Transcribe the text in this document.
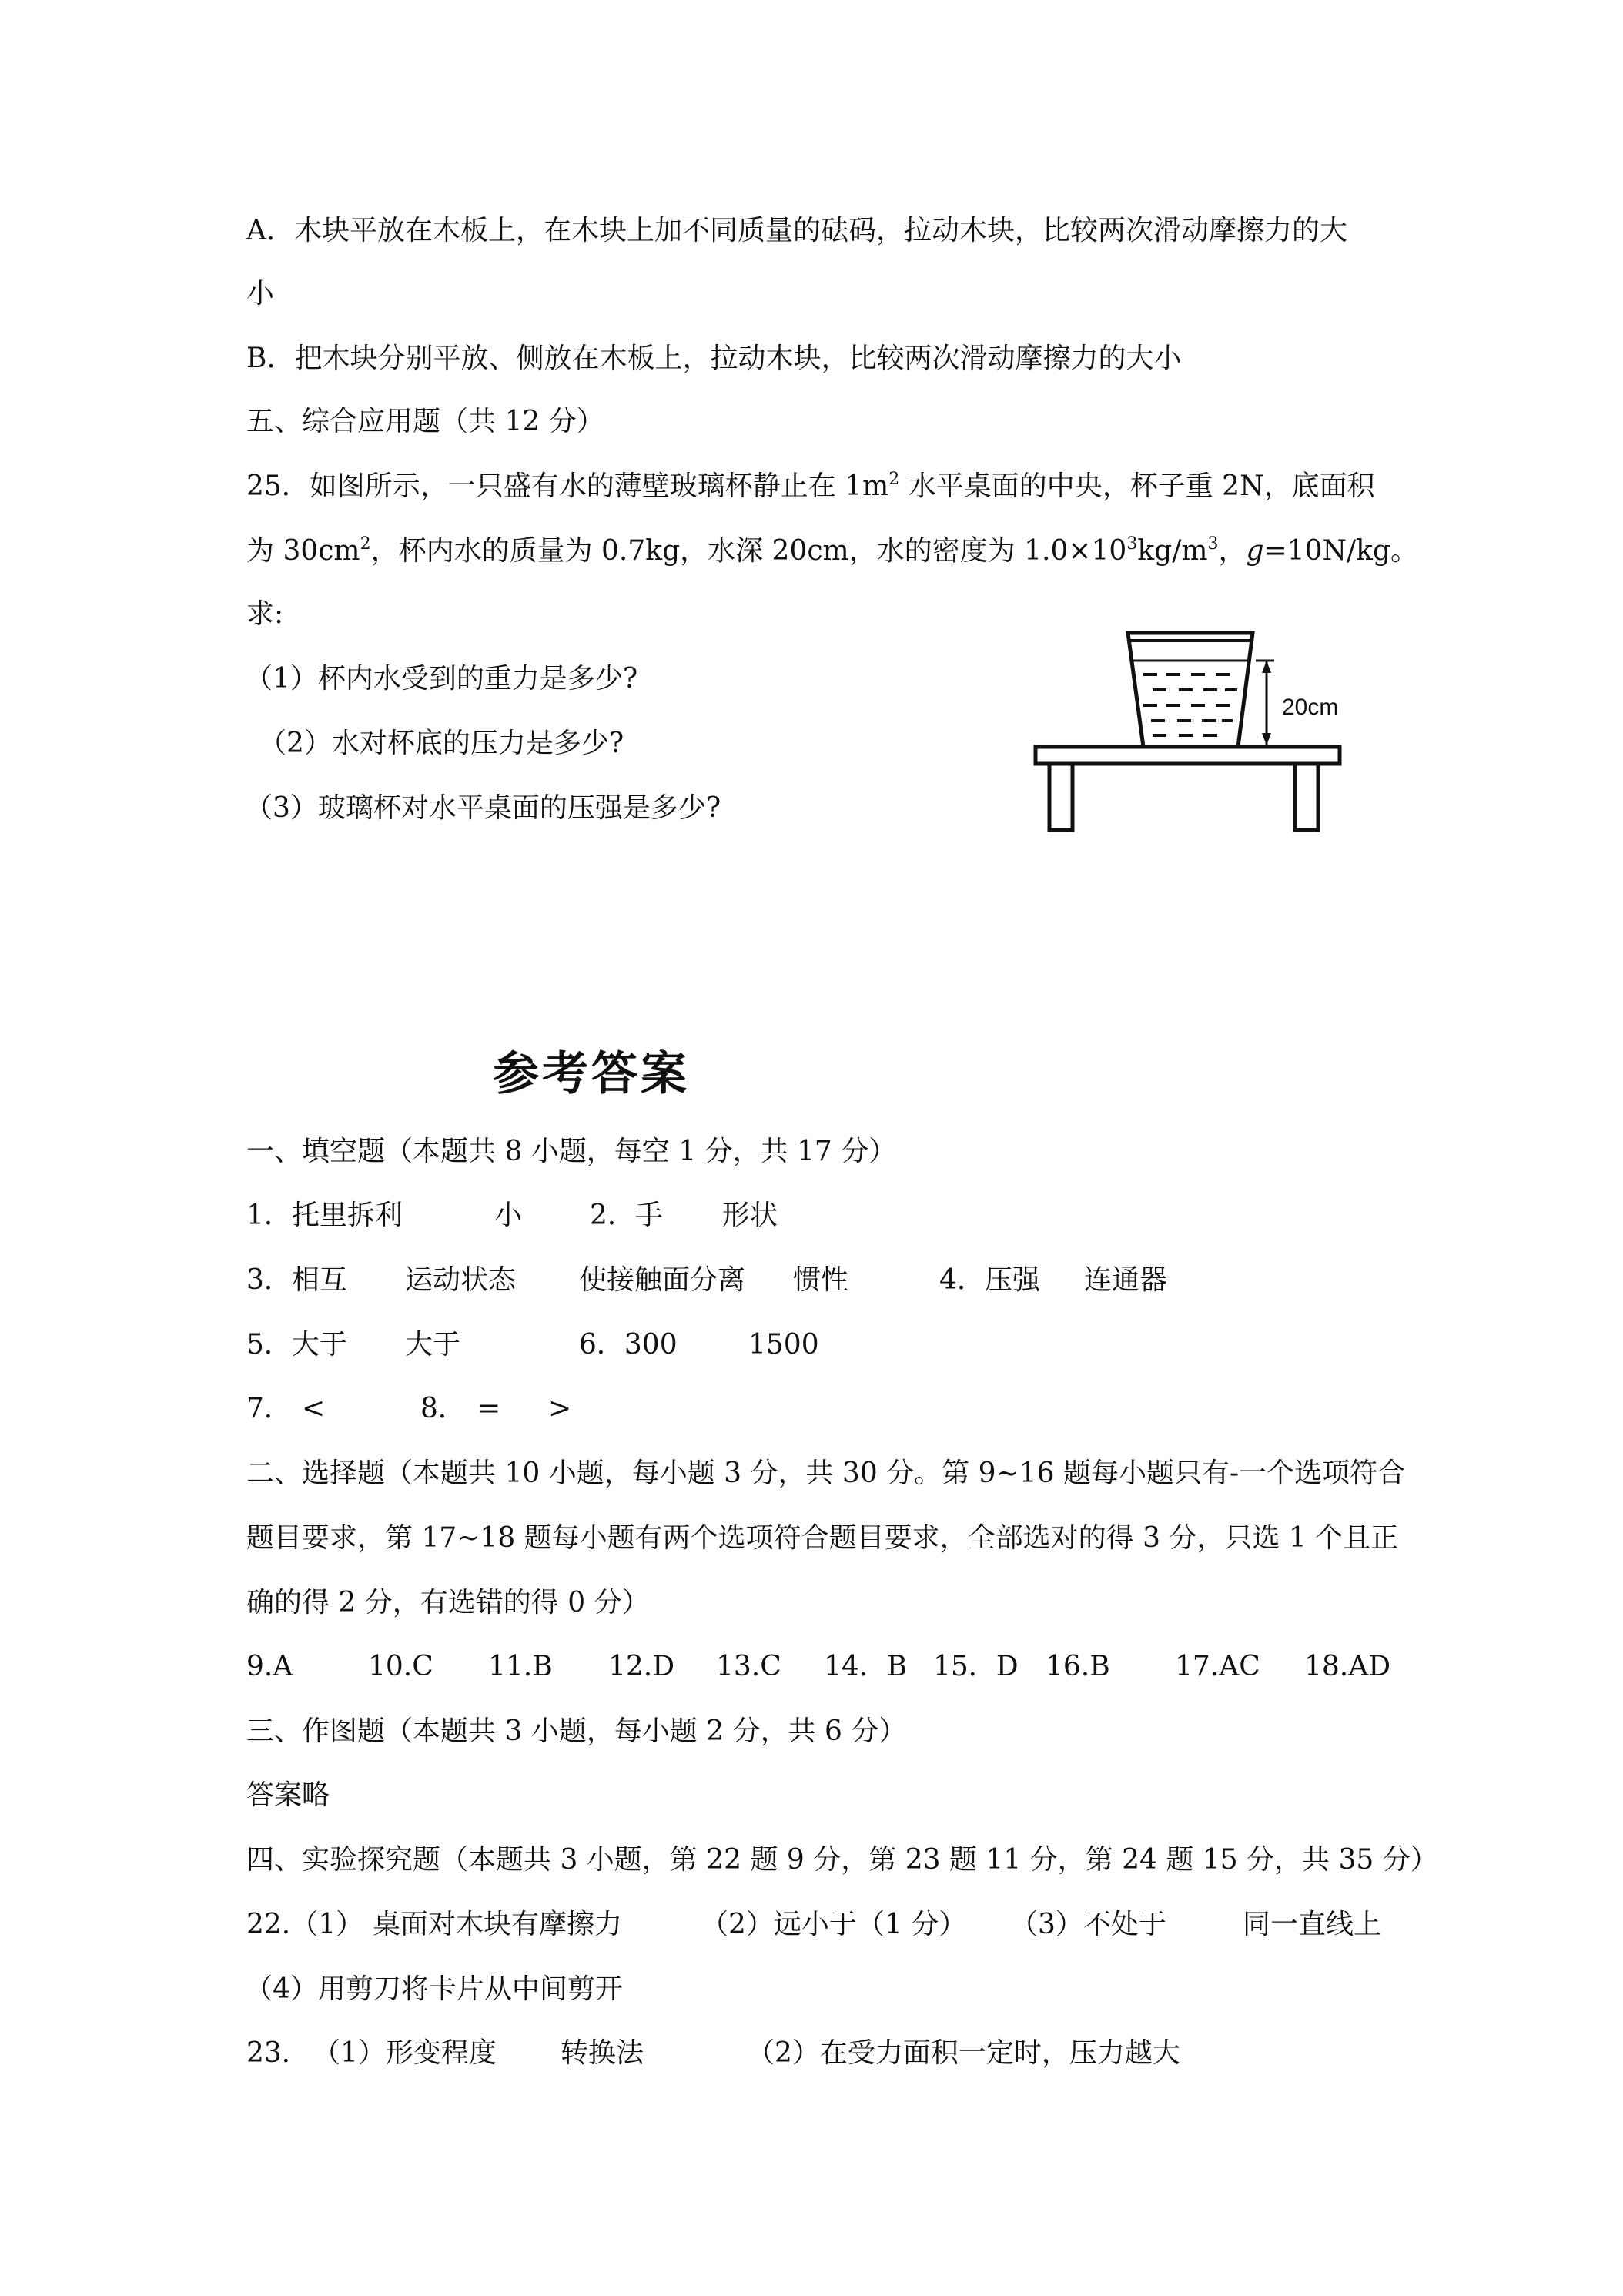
A．木块平放在木板上，在木块上加不同质量的砝码，拉动木块，比较两次滑动摩擦力的大
小
B．把木块分别平放、侧放在木板上，拉动木块，比较两次滑动摩擦力的大小
五、综合应用题（共 12 分）
25．如图所示，一只盛有水的薄壁玻璃杯静止在 $1m^2$ 水平桌面的中央，杯子重 2N，底面积
为 $30cm^2$，杯内水的质量为 0.7kg，水深 20cm，水的密度为 $1.0\times 10^3kg/m^3$，g=10N/kg。
求:
（1）杯内水受到的重力是多少?
（2）水对杯底的压力是多少?
（3）玻璃杯对水平桌面的压强是多少?
20cm
参考答案
一、填空题（本题共 8 小题，每空 1 分，共 17 分）
1．托里拆利	小 2．手 形状
3．相互 运动状态 使接触面分离 惯性	4．压强 连通器
5．大于 大于	6．300	1500
7． <	8． = >
二、选择题（本题共 10 小题，每小题 3 分，共 30 分。第 9~16 题每小题只有-一个选项符合
题目要求，第 17~18 题每小题有两个选项符合题目要求，全部选对的得 3 分，只选 1 个且正
确的得 2 分，有选错的得 0 分）
9.A	10.C 11.B 12.D 13.C 14．B 15．D 16.B 17.AC 18.AD
三、作图题（本题共 3 小题，每小题 2 分，共 6 分）
答案略
四、实验探究题（本题共 3 小题，第 22 题 9 分，第 23 题 11 分，第 24 题 15 分，共 35 分）
22.（1） 桌面对木块有摩擦力	（2）远小于（1 分） （3）不处于	同一直线上
（4）用剪刀将卡片从中间剪开
23． （1）形变程度 转换法	（2）在受力面积一定时，压力越大
